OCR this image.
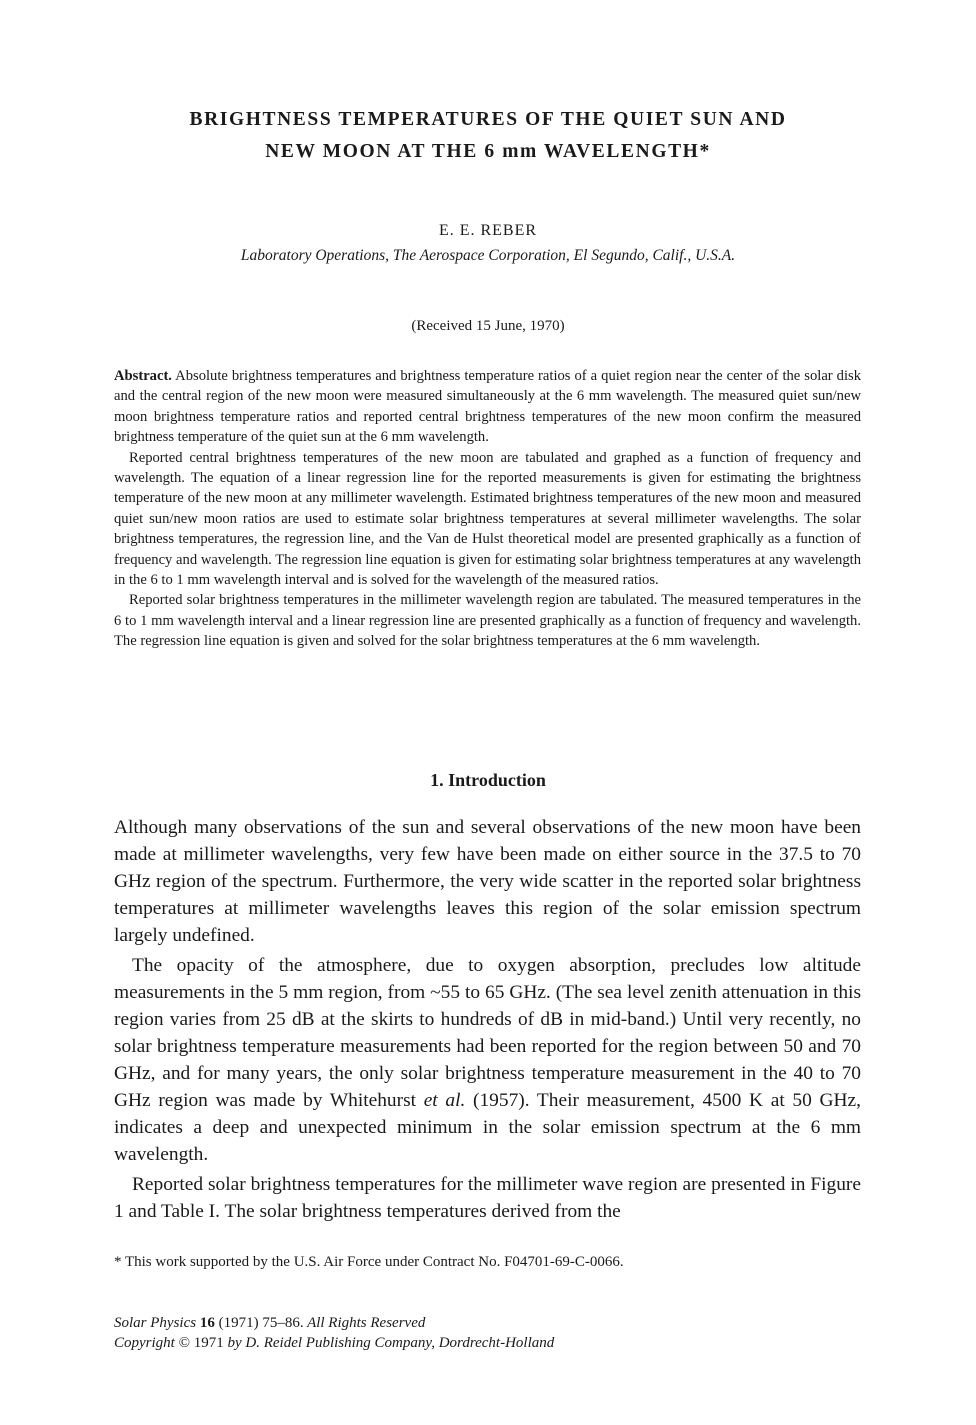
BRIGHTNESS TEMPERATURES OF THE QUIET SUN AND
NEW MOON AT THE 6 mm WAVELENGTH*
E. E. REBER
Laboratory Operations, The Aerospace Corporation, El Segundo, Calif., U.S.A.
(Received 15 June, 1970)

Abstract. Absolute brightness temperatures and brightness temperature ratios of a quiet region near the center of the solar disk and the central region of the new moon were measured simultaneously at the 6 mm wavelength. The measured quiet sun/new moon brightness temperature ratios and reported central brightness temperatures of the new moon confirm the measured brightness temperature of the quiet sun at the 6 mm wavelength.

Reported central brightness temperatures of the new moon are tabulated and graphed as a function of frequency and wavelength. The equation of a linear regression line for the reported measurements is given for estimating the brightness temperature of the new moon at any millimeter wavelength. Estimated brightness temperatures of the new moon and measured quiet sun/new moon ratios are used to estimate solar brightness temperatures at several millimeter wavelengths. The solar brightness temperatures, the regression line, and the Van de Hulst theoretical model are presented graphically as a function of frequency and wavelength. The regression line equation is given for estimating solar brightness temperatures at any wavelength in the 6 to 1 mm wavelength interval and is solved for the wavelength of the measured ratios.

Reported solar brightness temperatures in the millimeter wavelength region are tabulated. The measured temperatures in the 6 to 1 mm wavelength interval and a linear regression line are presented graphically as a function of frequency and wavelength. The regression line equation is given and solved for the solar brightness temperatures at the 6 mm wavelength.

1. Introduction

Although many observations of the sun and several observations of the new moon have been made at millimeter wavelengths, very few have been made on either source in the 37.5 to 70 GHz region of the spectrum. Furthermore, the very wide scatter in the reported solar brightness temperatures at millimeter wavelengths leaves this region of the solar emission spectrum largely undefined.

The opacity of the atmosphere, due to oxygen absorption, precludes low altitude measurements in the 5 mm region, from ~55 to 65 GHz. (The sea level zenith attenuation in this region varies from 25 dB at the skirts to hundreds of dB in mid-band.) Until very recently, no solar brightness temperature measurements had been reported for the region between 50 and 70 GHz, and for many years, the only solar brightness temperature measurement in the 40 to 70 GHz region was made by Whitehurst et al. (1957). Their measurement, 4500 K at 50 GHz, indicates a deep and unexpected minimum in the solar emission spectrum at the 6 mm wavelength.

Reported solar brightness temperatures for the millimeter wave region are presented in Figure 1 and Table I. The solar brightness temperatures derived from the

* This work supported by the U.S. Air Force under Contract No. F04701-69-C-0066.
Solar Physics 16 (1971) 75–86. All Rights Reserved
Copyright © 1971 by D. Reidel Publishing Company, Dordrecht-Holland
